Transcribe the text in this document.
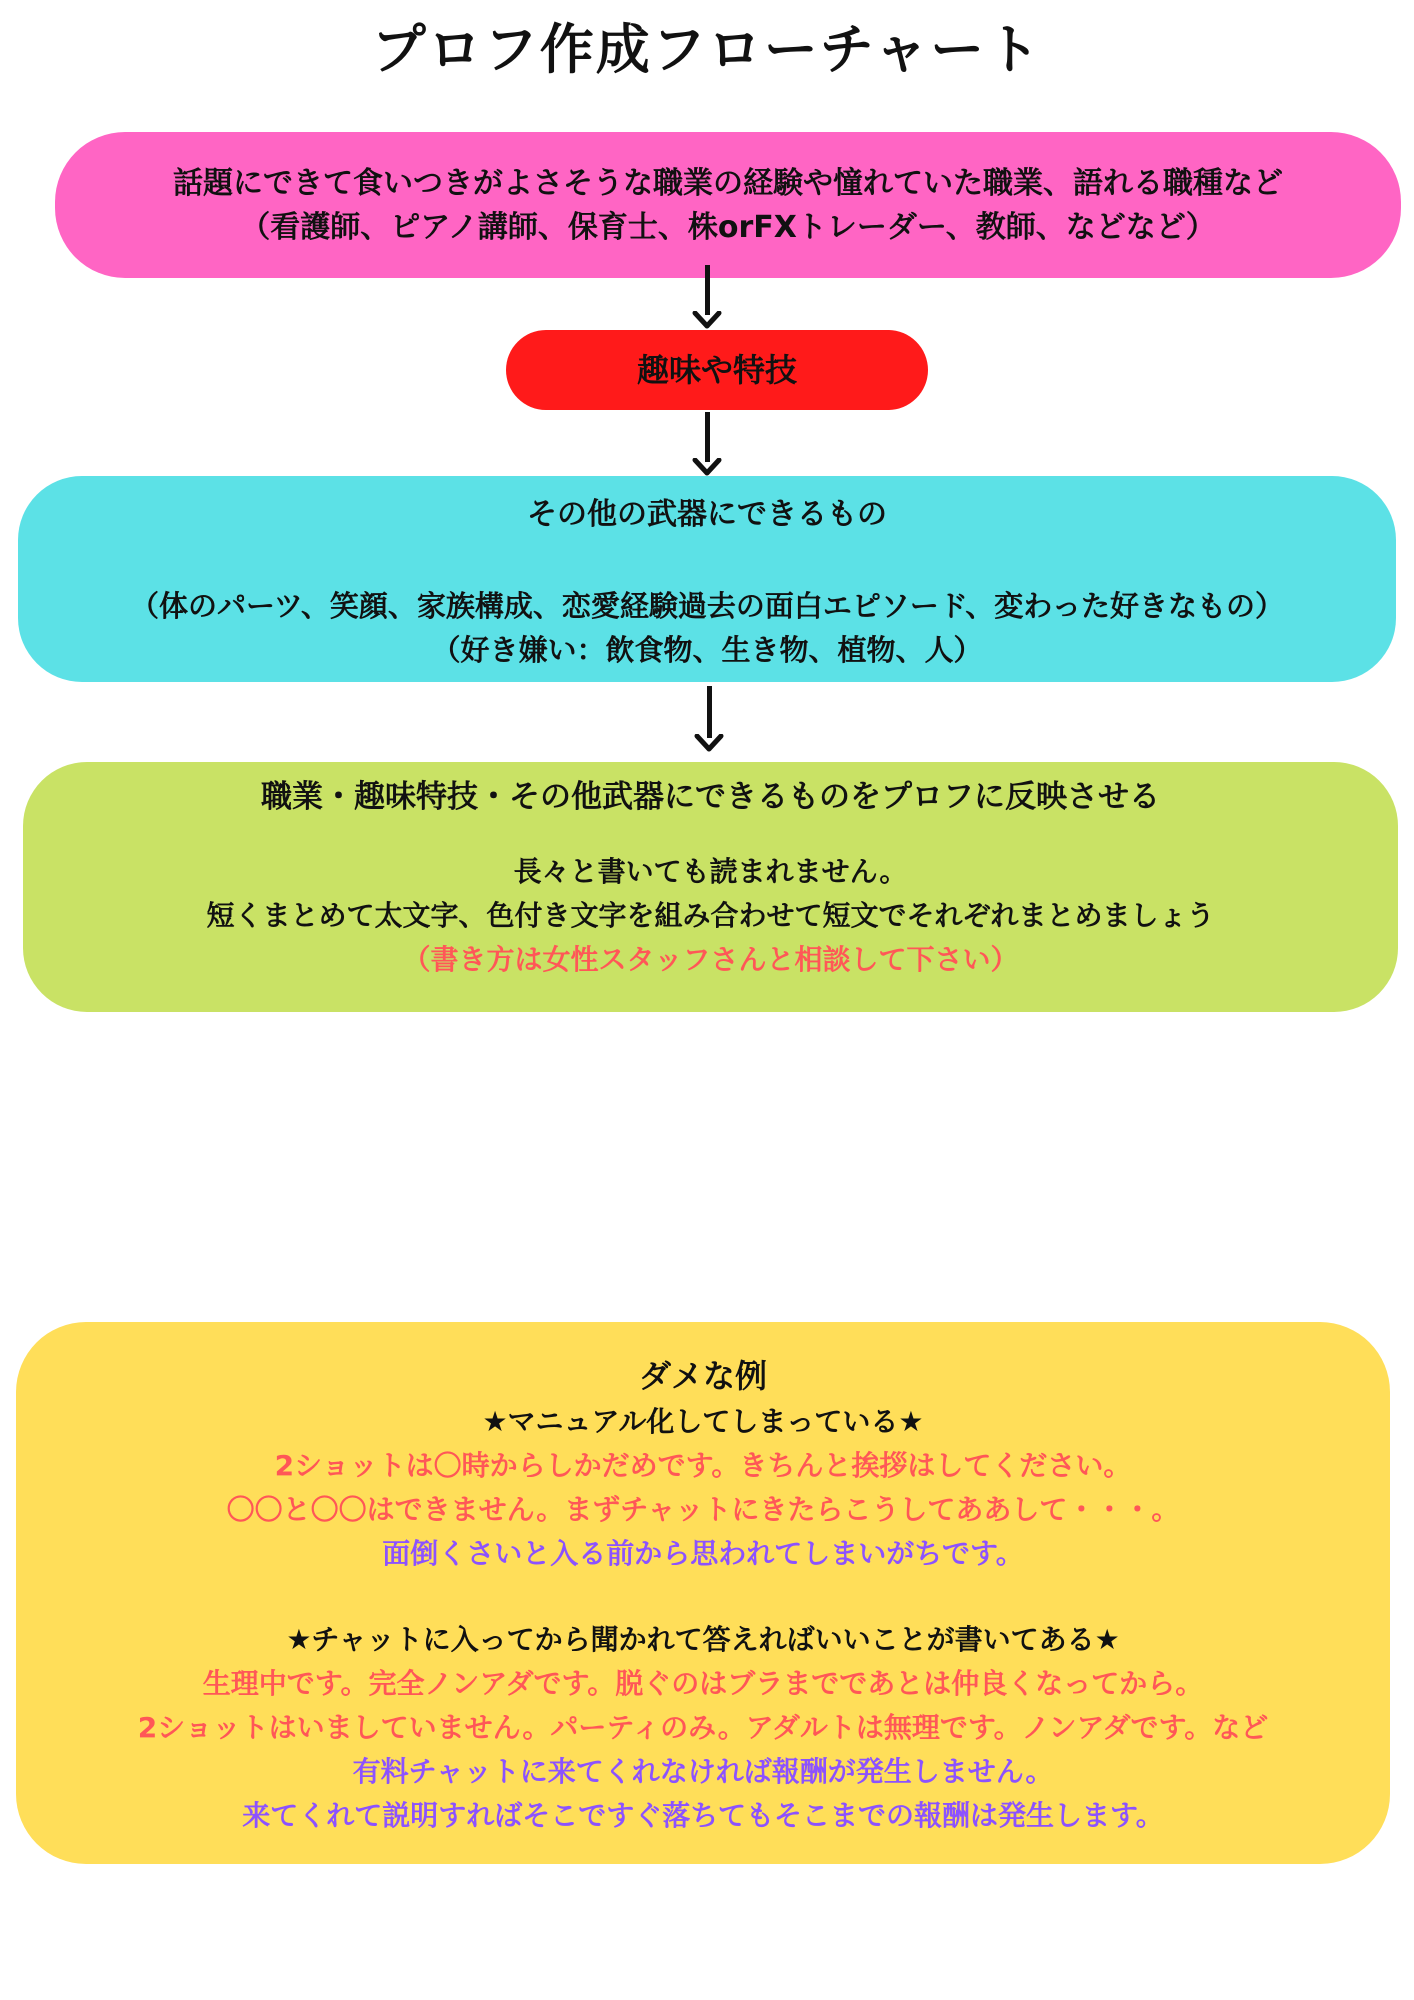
プロフ作成フローチャート

話題にできて食いつきがよさそうな職業の経験や憧れていた職業、語れる職種など

（看護師、ピアノ講師、保育士、株orFXトレーダー、教師、などなど）

趣味や特技

その他の武器にできるもの

（体のパーツ、笑顔、家族構成、恋愛経験過去の面白エピソード、変わった好きなもの）

（好き嫌い：飲食物、生き物、植物、人）

職業・趣味特技・その他武器にできるものをプロフに反映させる

長々と書いても読まれません。

短くまとめて太文字、色付き文字を組み合わせて短文でそれぞれまとめましょう

（書き方は女性スタッフさんと相談して下さい）

ダメな例

★マニュアル化してしまっている★

2ショットは〇時からしかだめです。きちんと挨拶はしてください。

〇〇と〇〇はできません。まずチャットにきたらこうしてああして・・・。

面倒くさいと入る前から思われてしまいがちです。

★チャットに入ってから聞かれて答えればいいことが書いてある★

生理中です。完全ノンアダです。脱ぐのはブラまでであとは仲良くなってから。

2ショットはいましていません。パーティのみ。アダルトは無理です。ノンアダです。など

有料チャットに来てくれなければ報酬が発生しません。

来てくれて説明すればそこですぐ落ちてもそこまでの報酬は発生します。
